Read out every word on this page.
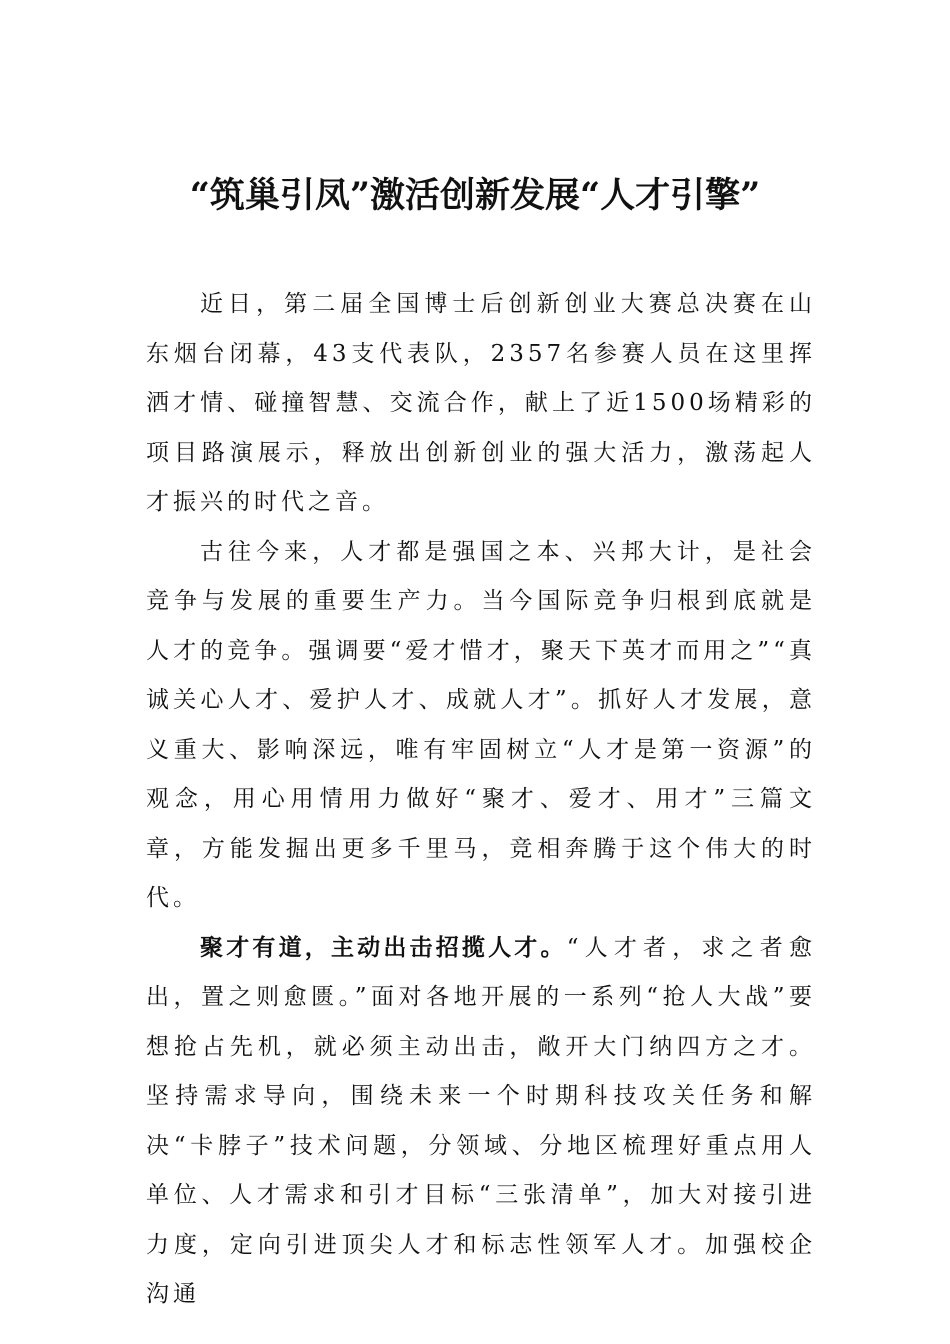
“筑巢引凤”激活创新发展“人才引擎”

近日，第二届全国博士后创新创业大赛总决赛在山东烟台闭幕，43支代表队，2357名参赛人员在这里挥洒才情、碰撞智慧、交流合作，献上了近1500场精彩的项目路演展示，释放出创新创业的强大活力，激荡起人才振兴的时代之音。

古往今来，人才都是强国之本、兴邦大计，是社会竞争与发展的重要生产力。当今国际竞争归根到底就是人才的竞争。强调要“爱才惜才，聚天下英才而用之”“真诚关心人才、爱护人才、成就人才”。抓好人才发展，意义重大、影响深远，唯有牢固树立“人才是第一资源”的观念，用心用情用力做好“聚才、爱才、用才”三篇文章，方能发掘出更多千里马，竞相奔腾于这个伟大的时代。

聚才有道，主动出击招揽人才。“人才者，求之者愈出，置之则愈匮。”面对各地开展的一系列“抢人大战”要想抢占先机，就必须主动出击，敞开大门纳四方之才。坚持需求导向，围绕未来一个时期科技攻关任务和解决“卡脖子”技术问题，分领域、分地区梳理好重点用人单位、人才需求和引才目标“三张清单”，加大对接引进力度，定向引进顶尖人才和标志性领军人才。加强校企沟通
